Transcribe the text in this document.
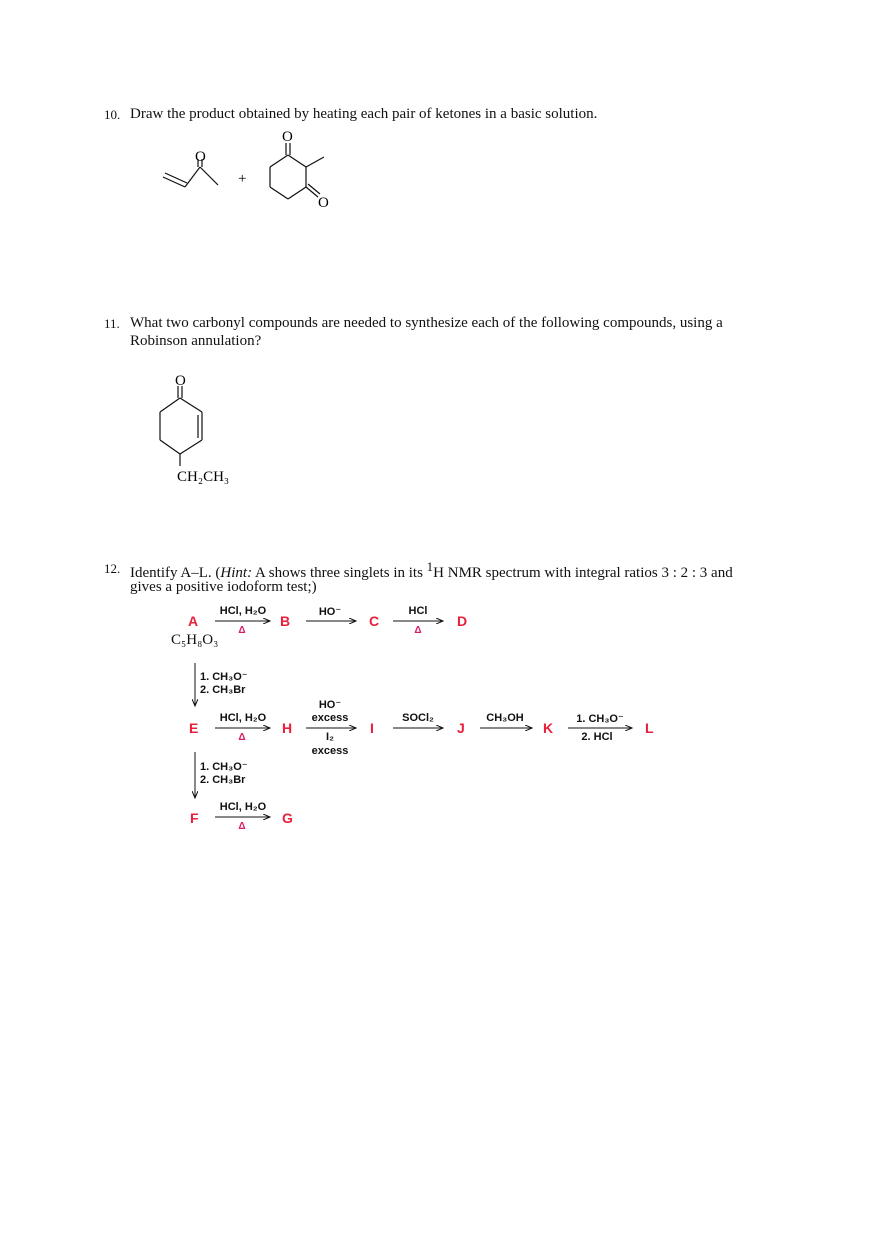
10. Draw the product obtained by heating each pair of ketones in a basic solution.
O
+
O
O
11. What two carbonyl compounds are needed to synthesize each of the following compounds, using a
Robinson annulation?
O
CH₂CH₃
12. Identify A–L. (Hint: A shows three singlets in its $^1$H NMR spectrum with integral ratios 3 : 2 : 3 and
gives a positive iodoform test;)
A
C₅H₈O₃
HCl, H₂O
Δ
B
HO⁻
C
HCl
Δ
D
1. CH₃O⁻
2. CH₃Br
E
HCl, H₂O
Δ
H
HO⁻
excess
I₂
excess
I
SOCl₂
J
CH₃OH
K
1. CH₃O⁻
2. HCl
L
1. CH₃O⁻
2. CH₃Br
F
HCl, H₂O
Δ
G
